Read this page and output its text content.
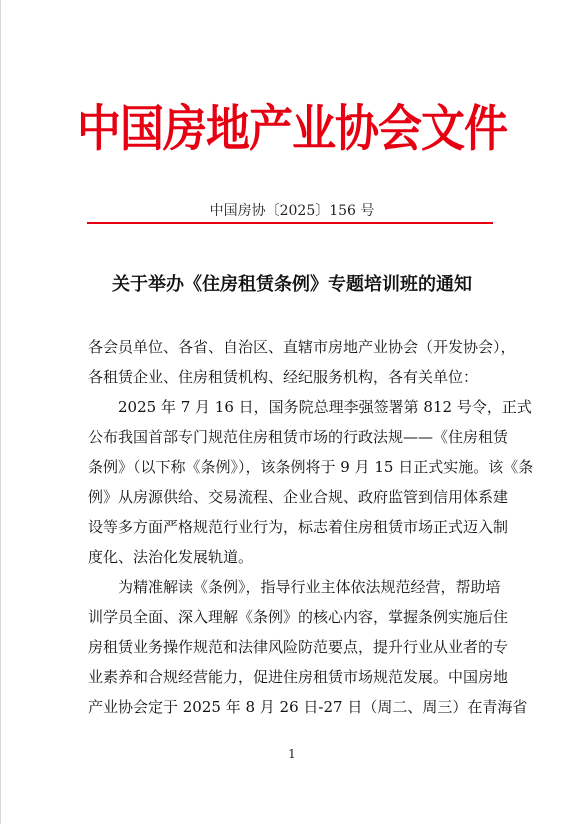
中国房地产业协会文件
中国房协〔2025〕156 号
关于举办《住房租赁条例》专题培训班的通知
各会员单位、各省、自治区、直辖市房地产业协会（开发协会），
各租赁企业、住房租赁机构、经纪服务机构，各有关单位：
　　2025 年 7 月 16 日，国务院总理李强签署第 812 号令，正式
公布我国首部专门规范住房租赁市场的行政法规——《住房租赁
条例》（以下称《条例》），该条例将于 9 月 15 日正式实施。该《条
例》从房源供给、交易流程、企业合规、政府监管到信用体系建
设等多方面严格规范行业行为，标志着住房租赁市场正式迈入制
度化、法治化发展轨道。
　　为精准解读《条例》，指导行业主体依法规范经营，帮助培
训学员全面、深入理解《条例》的核心内容，掌握条例实施后住
房租赁业务操作规范和法律风险防范要点，提升行业从业者的专
业素养和合规经营能力，促进住房租赁市场规范发展。中国房地
产业协会定于 2025 年 8 月 26 日-27 日（周二、周三）在青海省
1
